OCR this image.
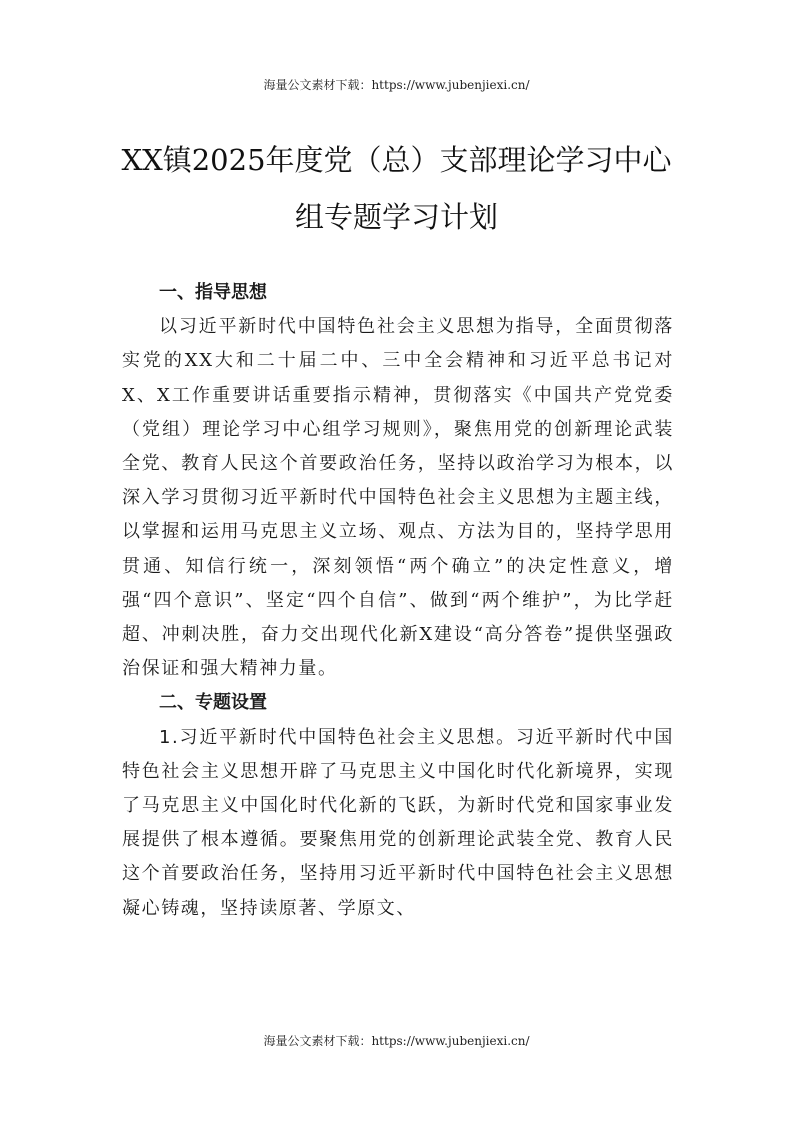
海量公文素材下载：https://www.jubenjiexi.cn/
XX镇2025年度党（总）支部理论学习中心
组专题学习计划

一、指导思想

以习近平新时代中国特色社会主义思想为指导，全面贯彻落实党的XX大和二十届二中、三中全会精神和习近平总书记对X、X工作重要讲话重要指示精神，贯彻落实《中国共产党党委（党组）理论学习中心组学习规则》，聚焦用党的创新理论武装全党、教育人民这个首要政治任务，坚持以政治学习为根本，以深入学习贯彻习近平新时代中国特色社会主义思想为主题主线，以掌握和运用马克思主义立场、观点、方法为目的，坚持学思用贯通、知信行统一，深刻领悟“两个确立”的决定性意义，增强“四个意识”、坚定“四个自信”、做到“两个维护”，为比学赶超、冲刺决胜，奋力交出现代化新X建设“高分答卷”提供坚强政治保证和强大精神力量。

二、专题设置

1.习近平新时代中国特色社会主义思想。习近平新时代中国特色社会主义思想开辟了马克思主义中国化时代化新境界，实现了马克思主义中国化时代化新的飞跃，为新时代党和国家事业发展提供了根本遵循。要聚焦用党的创新理论武装全党、教育人民这个首要政治任务，坚持用习近平新时代中国特色社会主义思想凝心铸魂，坚持读原著、学原文、

海量公文素材下载：https://www.jubenjiexi.cn/
